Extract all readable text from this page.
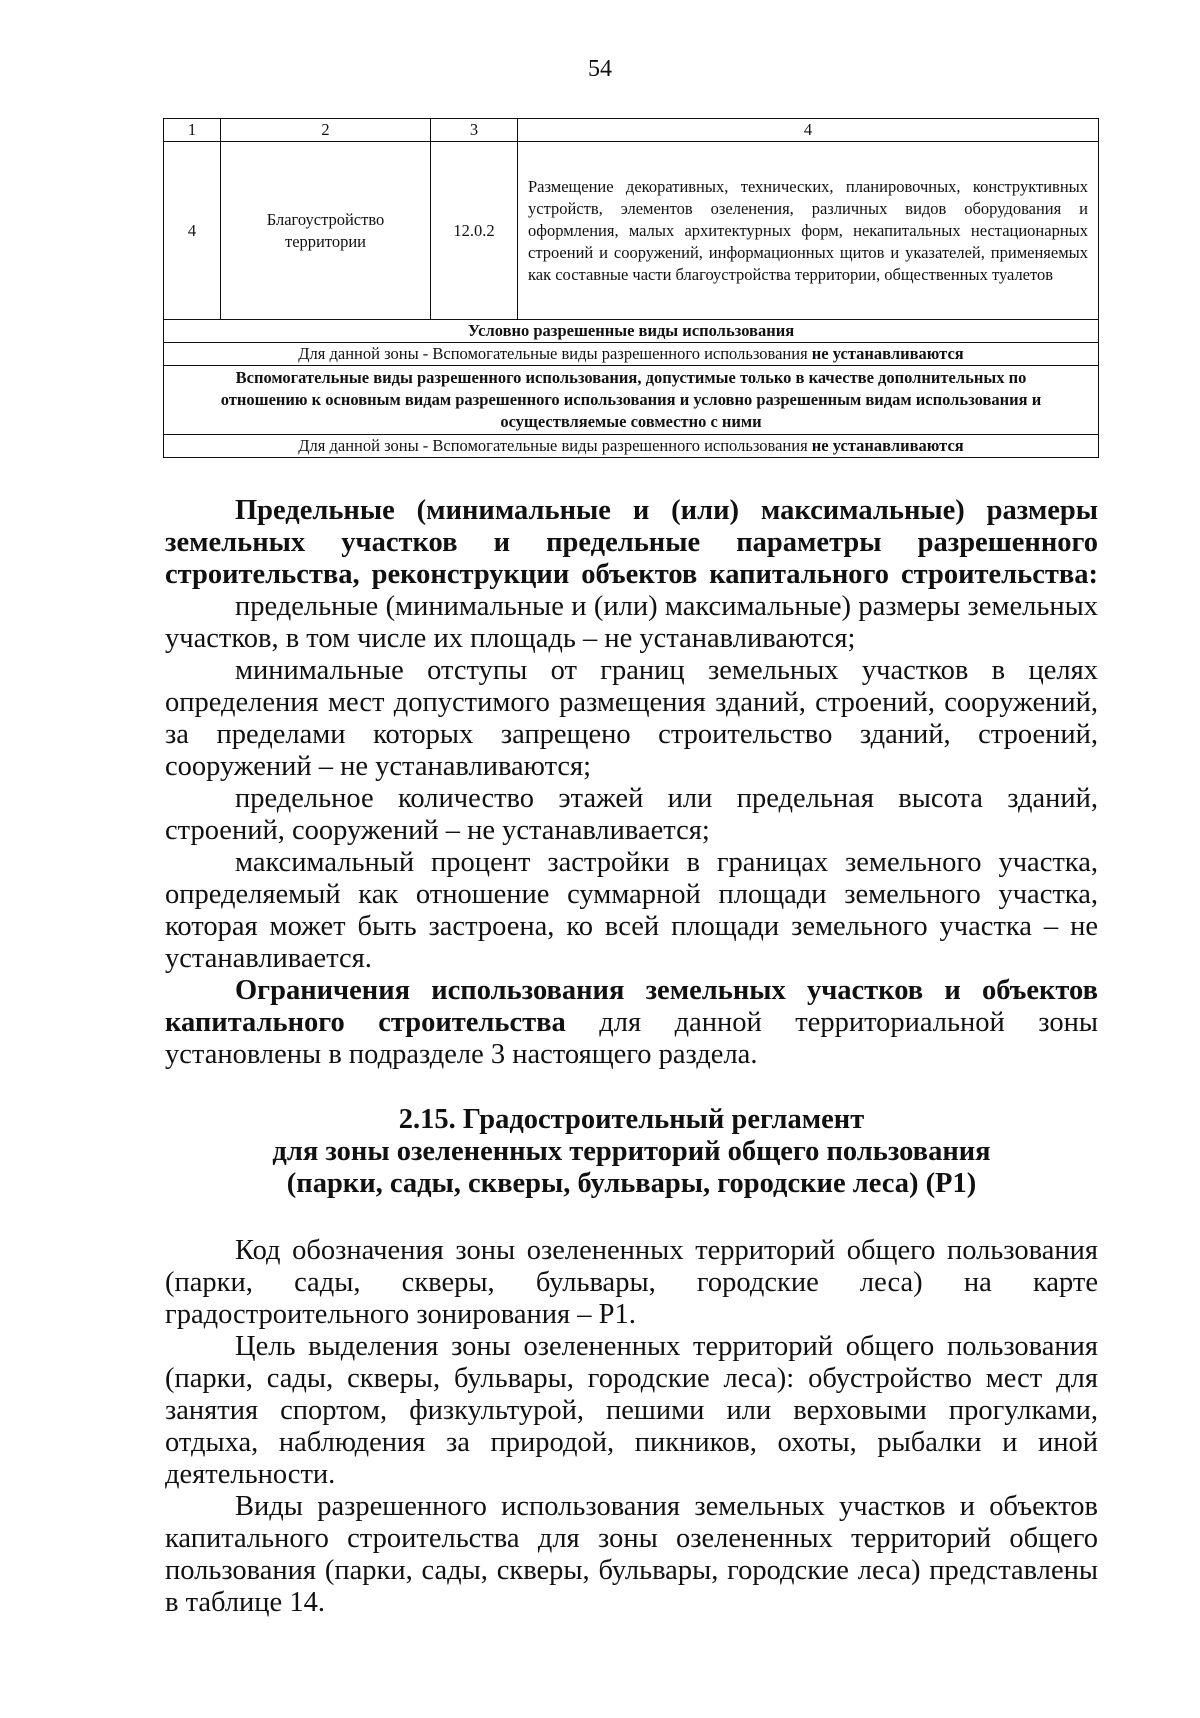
54
1	2	3	4
4	Благоустройство территории	12.0.2	Размещение декоративных, технических, планировочных, конструктивных устройств, элементов озеленения, различных видов оборудования и оформления, малых архитектурных форм, некапитальных нестационарных строений и сооружений, информационных щитов и указателей, применяемых как составные части благоустройства территории, общественных туалетов
Условно разрешенные виды использования			
Для данной зоны - Вспомогательные виды разрешенного использования не устанавливаются			
Вспомогательные виды разрешенного использования, допустимые только в качестве дополнительных по отношению к основным видам разрешенного использования и условно разрешенным видам использования и осуществляемые совместно с ними			
Для данной зоны - Вспомогательные виды разрешенного использования не устанавливаются			

Предельные (минимальные и (или) максимальные) размеры

земельных участков и предельные параметры разрешенного

строительства, реконструкции объектов капитального строительства:

предельные (минимальные и (или) максимальные) размеры земельных участков, в том числе их площадь – не устанавливаются;

минимальные отступы от границ земельных участков в целях определения мест допустимого размещения зданий, строений, сооружений, за пределами которых запрещено строительство зданий, строений, сооружений – не устанавливаются;

предельное количество этажей или предельная высота зданий, строений, сооружений – не устанавливается;

максимальный процент застройки в границах земельного участка, определяемый как отношение суммарной площади земельного участка, которая может быть застроена, ко всей площади земельного участка – не устанавливается.

Ограничения использования земельных участков и объектов капитального строительства для данной территориальной зоны установлены в подразделе 3 настоящего раздела.

2.15. Градостроительный регламент
для зоны озелененных территорий общего пользования
(парки, сады, скверы, бульвары, городские леса) (Р1)

Код обозначения зоны озелененных территорий общего пользования (парки, сады, скверы, бульвары, городские леса) на карте градостроительного зонирования – Р1.

Цель выделения зоны озелененных территорий общего пользования (парки, сады, скверы, бульвары, городские леса): обустройство мест для занятия спортом, физкультурой, пешими или верховыми прогулками, отдыха, наблюдения за природой, пикников, охоты, рыбалки и иной деятельности.

Виды разрешенного использования земельных участков и объектов капитального строительства для зоны озелененных территорий общего пользования (парки, сады, скверы, бульвары, городские леса) представлены в таблице 14.
